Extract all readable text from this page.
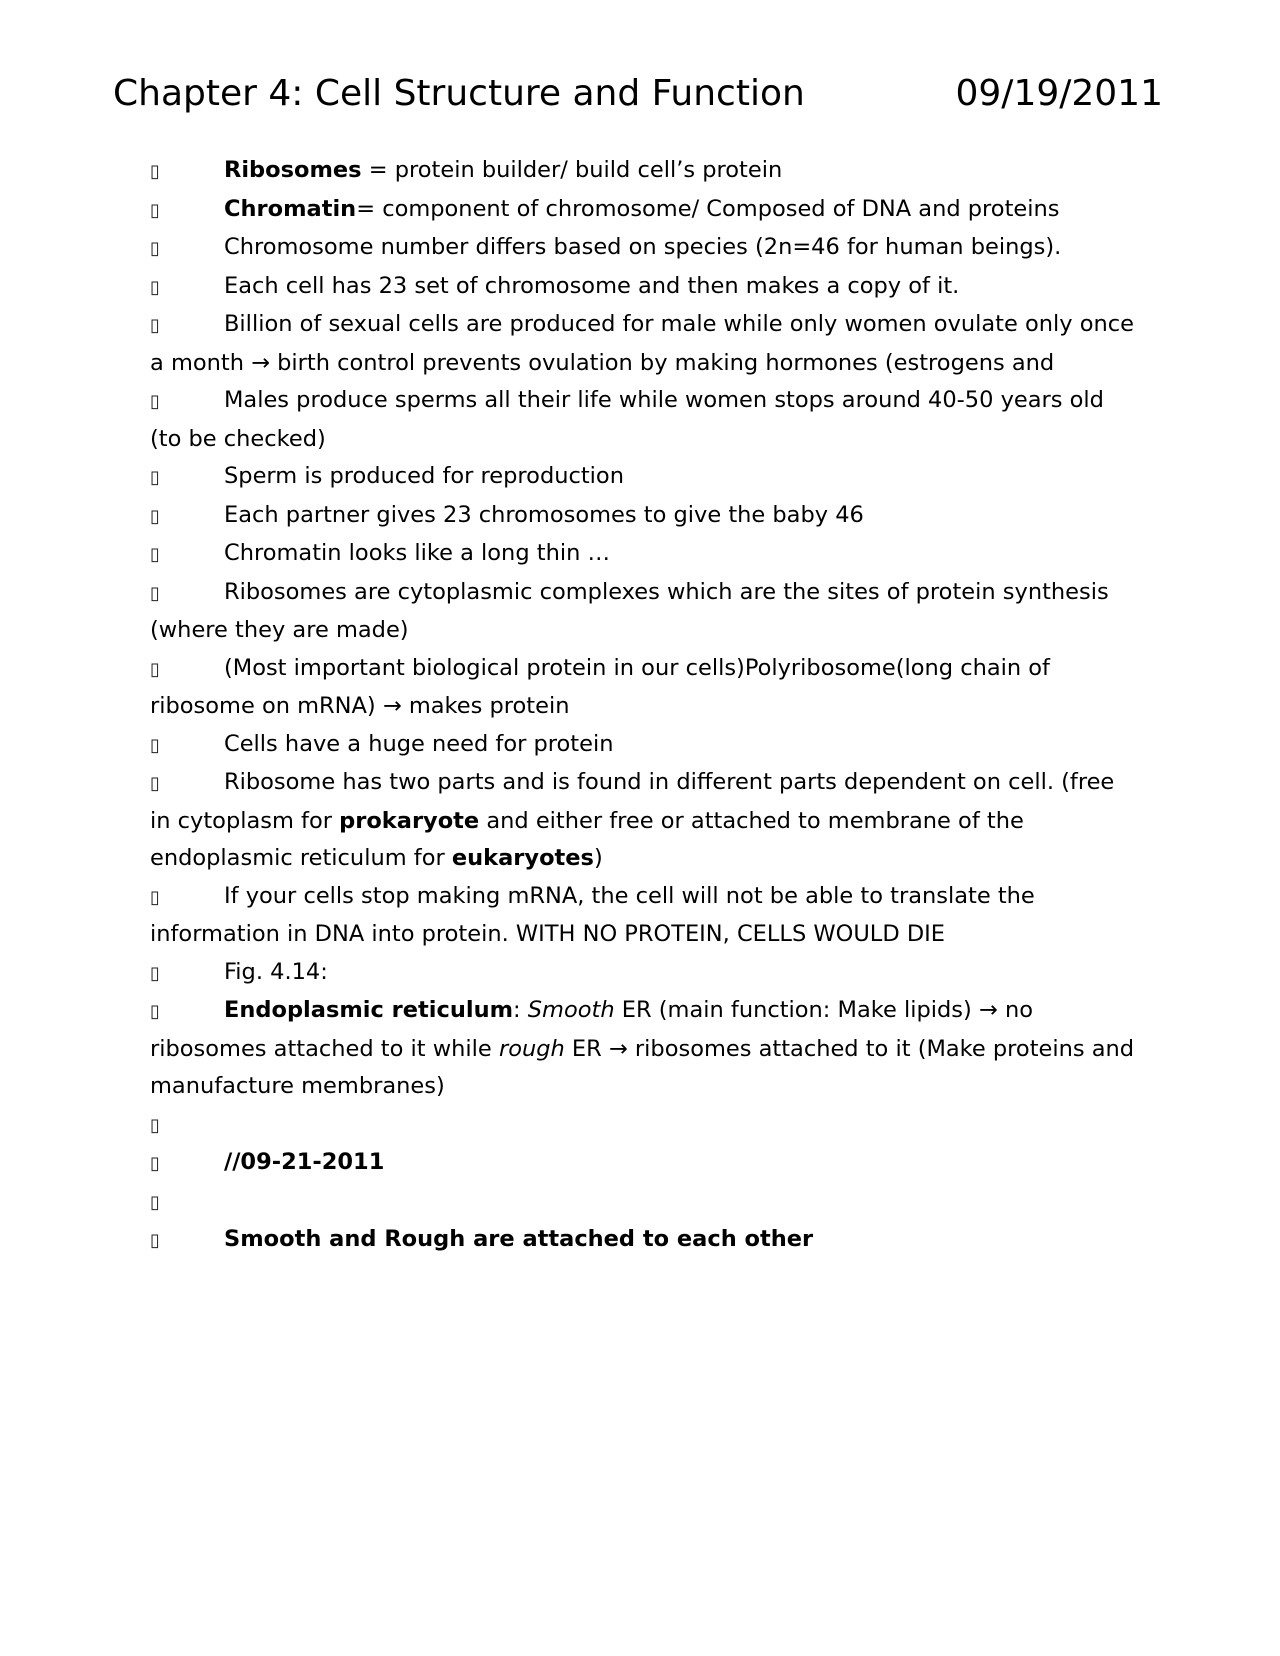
Chapter 4: Cell Structure and Function	09/19/2011

▯	Ribosomes = protein builder/ build cell’s protein

▯	Chromatin= component of chromosome/ Composed of DNA and proteins

▯	Chromosome number differs based on species (2n=46 for human beings).

▯	Each cell has 23 set of chromosome and then makes a copy of it.

▯	Billion of sexual cells are produced for male while only women ovulate only once a month → birth control prevents ovulation by making hormones (estrogens and

▯	Males produce sperms all their life while women stops around 40-50 years old (to be checked)

▯	Sperm is produced for reproduction

▯	Each partner gives 23 chromosomes to give the baby 46

▯	Chromatin looks like a long thin …

▯	Ribosomes are cytoplasmic complexes which are the sites of protein synthesis (where they are made)

▯	(Most important biological protein in our cells)Polyribosome(long chain of ribosome on mRNA) → makes protein

▯	Cells have a huge need for protein

▯	Ribosome has two parts and is found in different parts dependent on cell. (free in cytoplasm for prokaryote and either free or attached to membrane of the endoplasmic reticulum for eukaryotes)

▯	If your cells stop making mRNA, the cell will not be able to translate the information in DNA into protein. WITH NO PROTEIN, CELLS WOULD DIE

▯	Fig. 4.14:

▯	Endoplasmic reticulum: Smooth ER (main function: Make lipids) → no ribosomes attached to it while rough ER → ribosomes attached to it (Make proteins and manufacture membranes)

▯

▯	//09-21-2011

▯

▯	Smooth and Rough are attached to each other
